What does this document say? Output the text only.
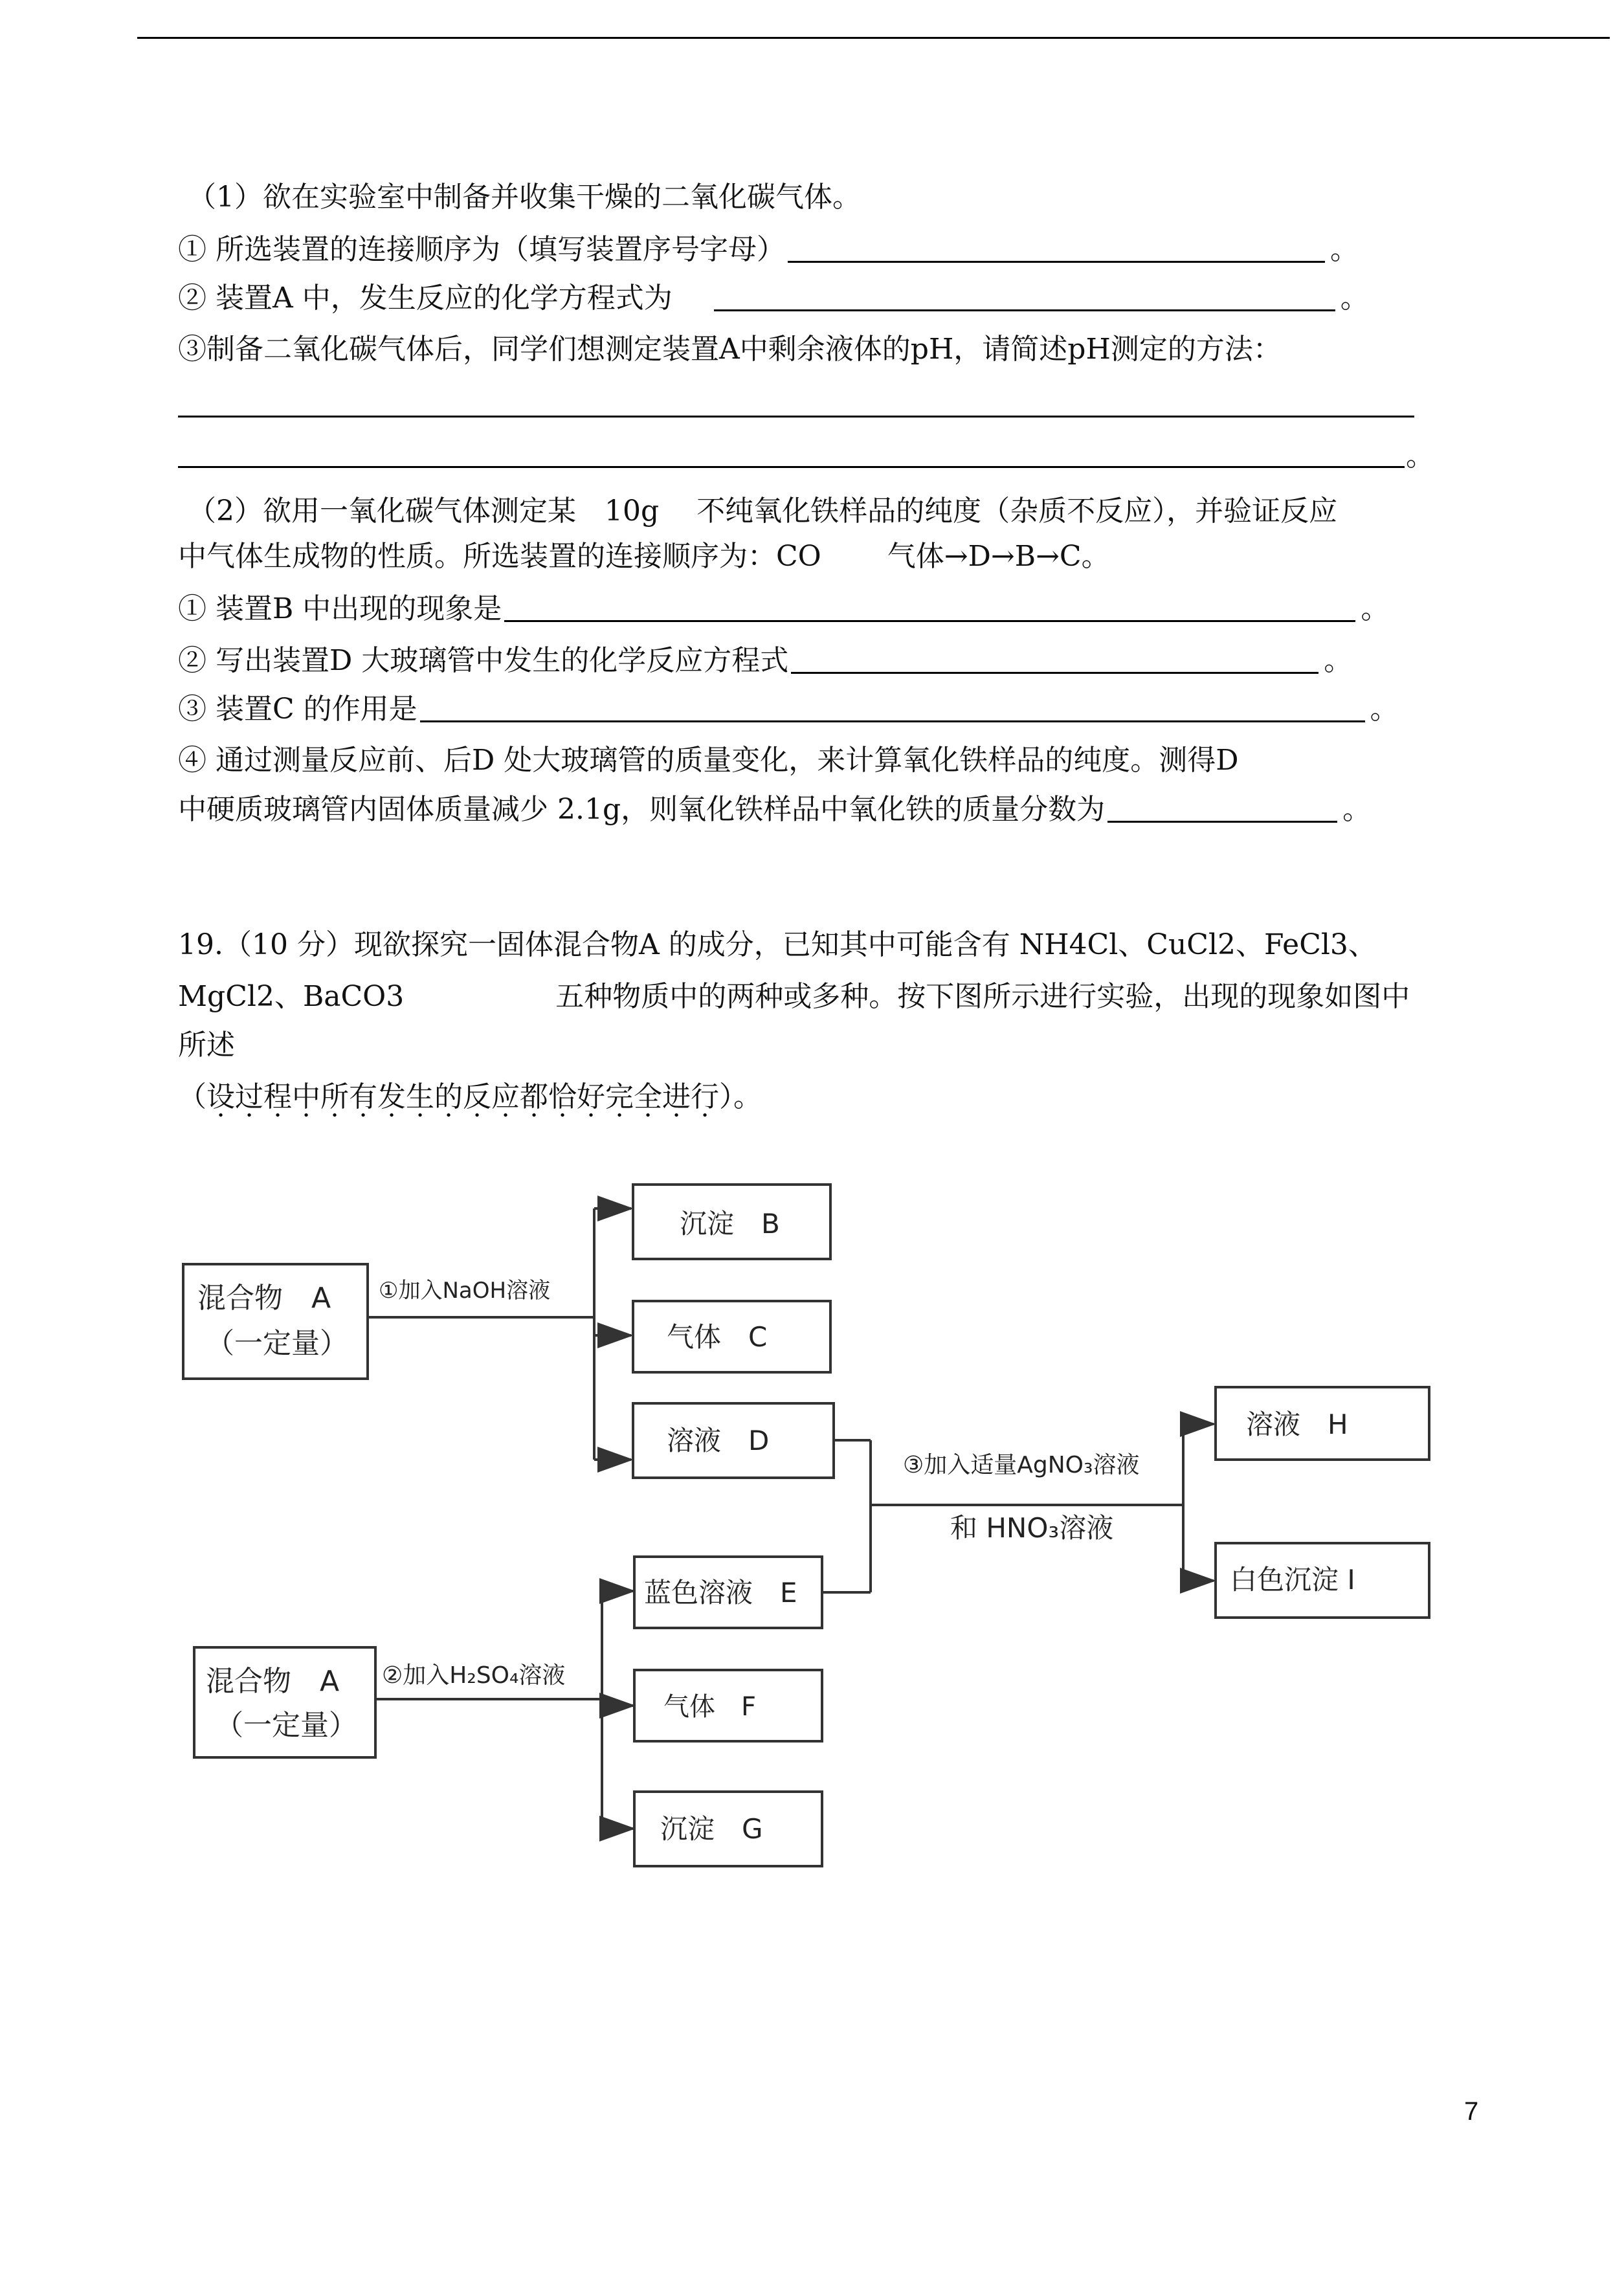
（1）欲在实验室中制备并收集干燥的二氧化碳气体。
① 所选装置的连接顺序为（填写装置序号字母）	。
② 装置A 中，发生反应的化学方程式为	。
③制备二氧化碳气体后，同学们想测定装置A中剩余液体的pH，请简述pH测定的方法：
。
（2）欲用一氧化碳气体测定某　10g　 不纯氧化铁样品的纯度（杂质不反应），并验证反应
中气体生成物的性质。所选装置的连接顺序为：CO　　 气体→D→B→C。
① 装置B 中出现的现象是	。
② 写出装置D 大玻璃管中发生的化学反应方程式	。
③ 装置C 的作用是	。
④ 通过测量反应前、后D 处大玻璃管的质量变化，来计算氧化铁样品的纯度。测得D
中硬质玻璃管内固体质量减少 2.1g，则氧化铁样品中氧化铁的质量分数为	。
19.（10 分）现欲探究一固体混合物A 的成分，已知其中可能含有 NH4Cl、CuCl2、FeCl3、
MgCl2、BaCO3　　　　　 五种物质中的两种或多种。按下图所示进行实验，出现的现象如图中
所述
（ 设过程中所有发生的反应都恰好完全进行 ）。
混合物　A
（一定量）
①加入NaOH溶液
沉淀　B
气体　C
溶液　D
混合物　A
（一定量）
②加入H₂SO₄溶液
蓝色溶液　E
气体　F
沉淀　G
③加入适量AgNO₃溶液
和 HNO₃溶液
溶液　H
白色沉淀 I
7
